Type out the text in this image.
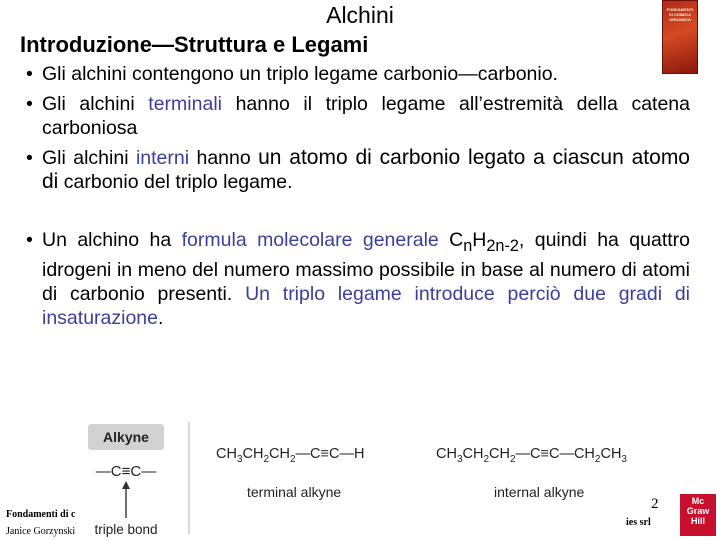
Alchini
Introduzione—Struttura e Legami
FONDAMENTI DI CHIMICA ORGANICA
• Gli alchini contengono un triplo legame carbonio—carbonio.
• Gli alchini terminali hanno il triplo legame all’estremità della catena carboniosa
• Gli alchini interni hanno un atomo di carbonio legato a ciascun atomo di carbonio del triplo legame.
• Un alchino ha formula molecolare generale $C_nH_{2n-2}$, quindi ha quattro idrogeni in meno del numero massimo possibile in base al numero di atomi di carbonio presenti. Un triplo legame introduce perciò due gradi di insaturazione.
Alkyne
—C≡C—
triple bond
$CH_3CH_2CH_2—C\equiv C—H$
terminal alkyne
$CH_3CH_2CH_2—C\equiv C—CH_2CH_3$
internal alkyne
Fondamenti di c
Janice Gorzynski
2
ies srl
Mc Graw Hill
